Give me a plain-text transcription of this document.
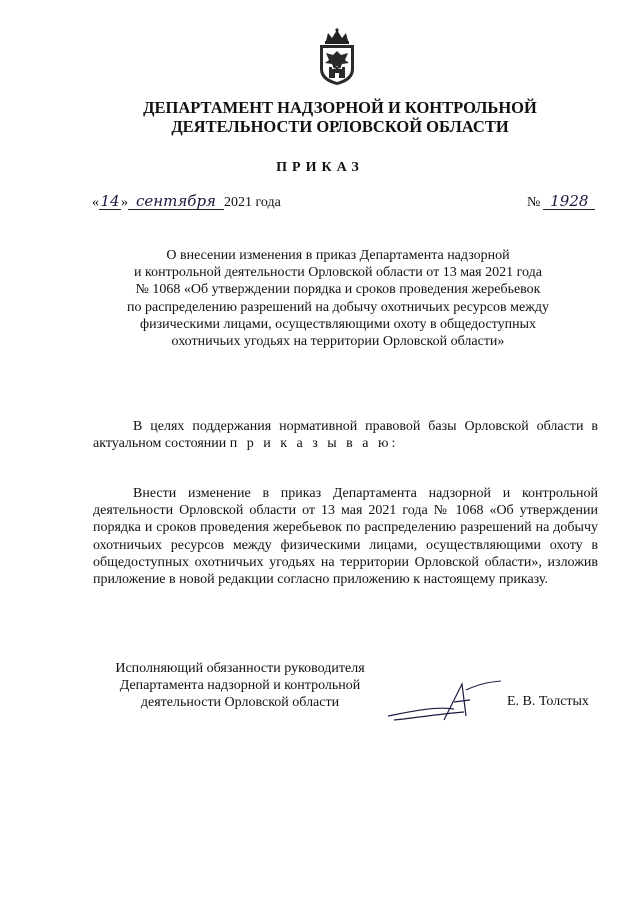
ДЕПАРТАМЕНТ НАДЗОРНОЙ И КОНТРОЛЬНОЙ
ДЕЯТЕЛЬНОСТИ ОРЛОВСКОЙ ОБЛАСТИ
ПРИКАЗ
«14» сентября 2021 года	№ 1928
О внесении изменения в приказ Департамента надзорной
и контрольной деятельности Орловской области от 13 мая 2021 года
№ 1068 «Об утверждении порядка и сроков проведения жеребьевок
по распределению разрешений на добычу охотничьих ресурсов между
физическими лицами, осуществляющими охоту в общедоступных
охотничьих угодьях на территории Орловской области»
В целях поддержания нормативной правовой базы Орловской области в актуальном состоянии п р и к а з ы в а ю:
Внести изменение в приказ Департамента надзорной и контрольной деятельности Орловской области от 13 мая 2021 года № 1068 «Об утверждении порядка и сроков проведения жеребьевок по распределению разрешений на добычу охотничьих ресурсов между физическими лицами, осуществляющими охоту в общедоступных охотничьих угодьях на территории Орловской области», изложив приложение в новой редакции согласно приложению к настоящему приказу.
Исполняющий обязанности руководителя
Департамента надзорной и контрольной
деятельности Орловской области	Е. В. Толстых
